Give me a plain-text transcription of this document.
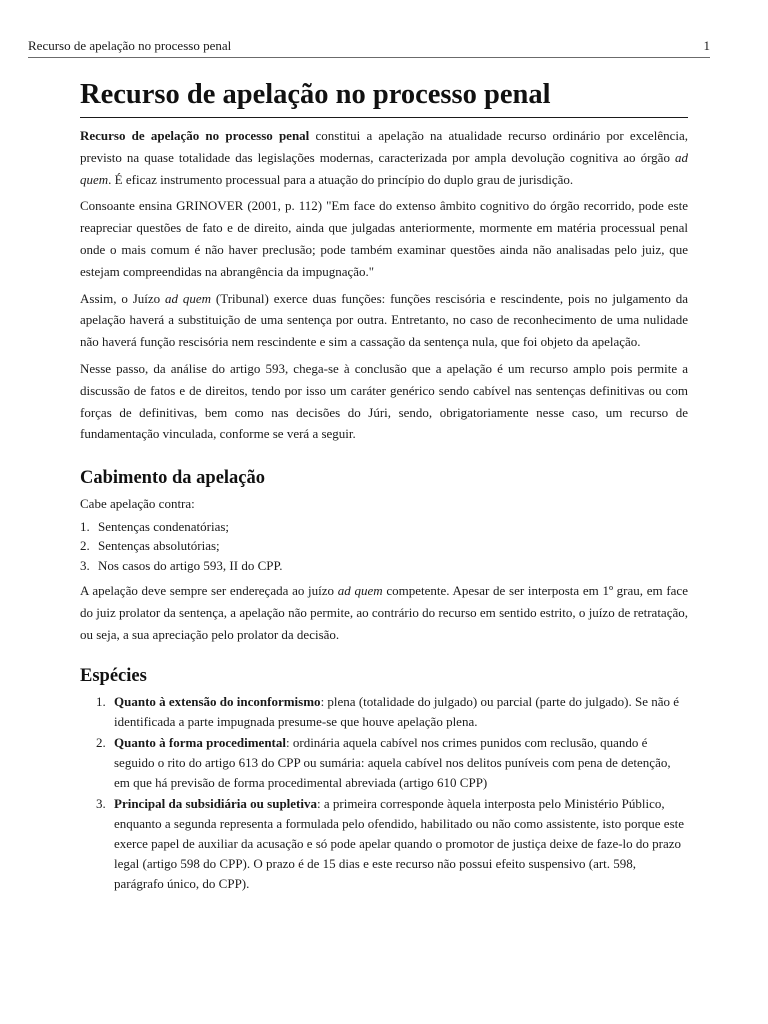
Recurso de apelação no processo penal	1
Recurso de apelação no processo penal

Recurso de apelação no processo penal constitui a apelação na atualidade recurso ordinário por excelência, previsto na quase totalidade das legislações modernas, caracterizada por ampla devolução cognitiva ao órgão ad quem. É eficaz instrumento processual para a atuação do princípio do duplo grau de jurisdição.

Consoante ensina GRINOVER (2001, p. 112) "Em face do extenso âmbito cognitivo do órgão recorrido, pode este reapreciar questões de fato e de direito, ainda que julgadas anteriormente, mormente em matéria processual penal onde o mais comum é não haver preclusão; pode também examinar questões ainda não analisadas pelo juiz, que estejam compreendidas na abrangência da impugnação."

Assim, o Juízo ad quem (Tribunal) exerce duas funções: funções rescisória e rescindente, pois no julgamento da apelação haverá a substituição de uma sentença por outra. Entretanto, no caso de reconhecimento de uma nulidade não haverá função rescisória nem rescindente e sim a cassação da sentença nula, que foi objeto da apelação.

Nesse passo, da análise do artigo 593, chega-se à conclusão que a apelação é um recurso amplo pois permite a discussão de fatos e de direitos, tendo por isso um caráter genérico sendo cabível nas sentenças definitivas ou com forças de definitivas, bem como nas decisões do Júri, sendo, obrigatoriamente nesse caso, um recurso de fundamentação vinculada, conforme se verá a seguir.

Cabimento da apelação

Cabe apelação contra:

1. Sentenças condenatórias;
2. Sentenças absolutórias;
3. Nos casos do artigo 593, II do CPP.

A apelação deve sempre ser endereçada ao juízo ad quem competente. Apesar de ser interposta em 1º grau, em face do juiz prolator da sentença, a apelação não permite, ao contrário do recurso em sentido estrito, o juízo de retratação, ou seja, a sua apreciação pelo prolator da decisão.

Espécies
1. Quanto à extensão do inconformismo: plena (totalidade do julgado) ou parcial (parte do julgado). Se não é identificada a parte impugnada presume-se que houve apelação plena.
2. Quanto à forma procedimental: ordinária aquela cabível nos crimes punidos com reclusão, quando é seguido o rito do artigo 613 do CPP ou sumária: aquela cabível nos delitos puníveis com pena de detenção, em que há previsão de forma procedimental abreviada (artigo 610 CPP)
3. Principal da subsidiária ou supletiva: a primeira corresponde àquela interposta pelo Ministério Público, enquanto a segunda representa a formulada pelo ofendido, habilitado ou não como assistente, isto porque este exerce papel de auxiliar da acusação e só pode apelar quando o promotor de justiça deixe de faze-lo do prazo legal (artigo 598 do CPP). O prazo é de 15 dias e este recurso não possui efeito suspensivo (art. 598, parágrafo único, do CPP).
